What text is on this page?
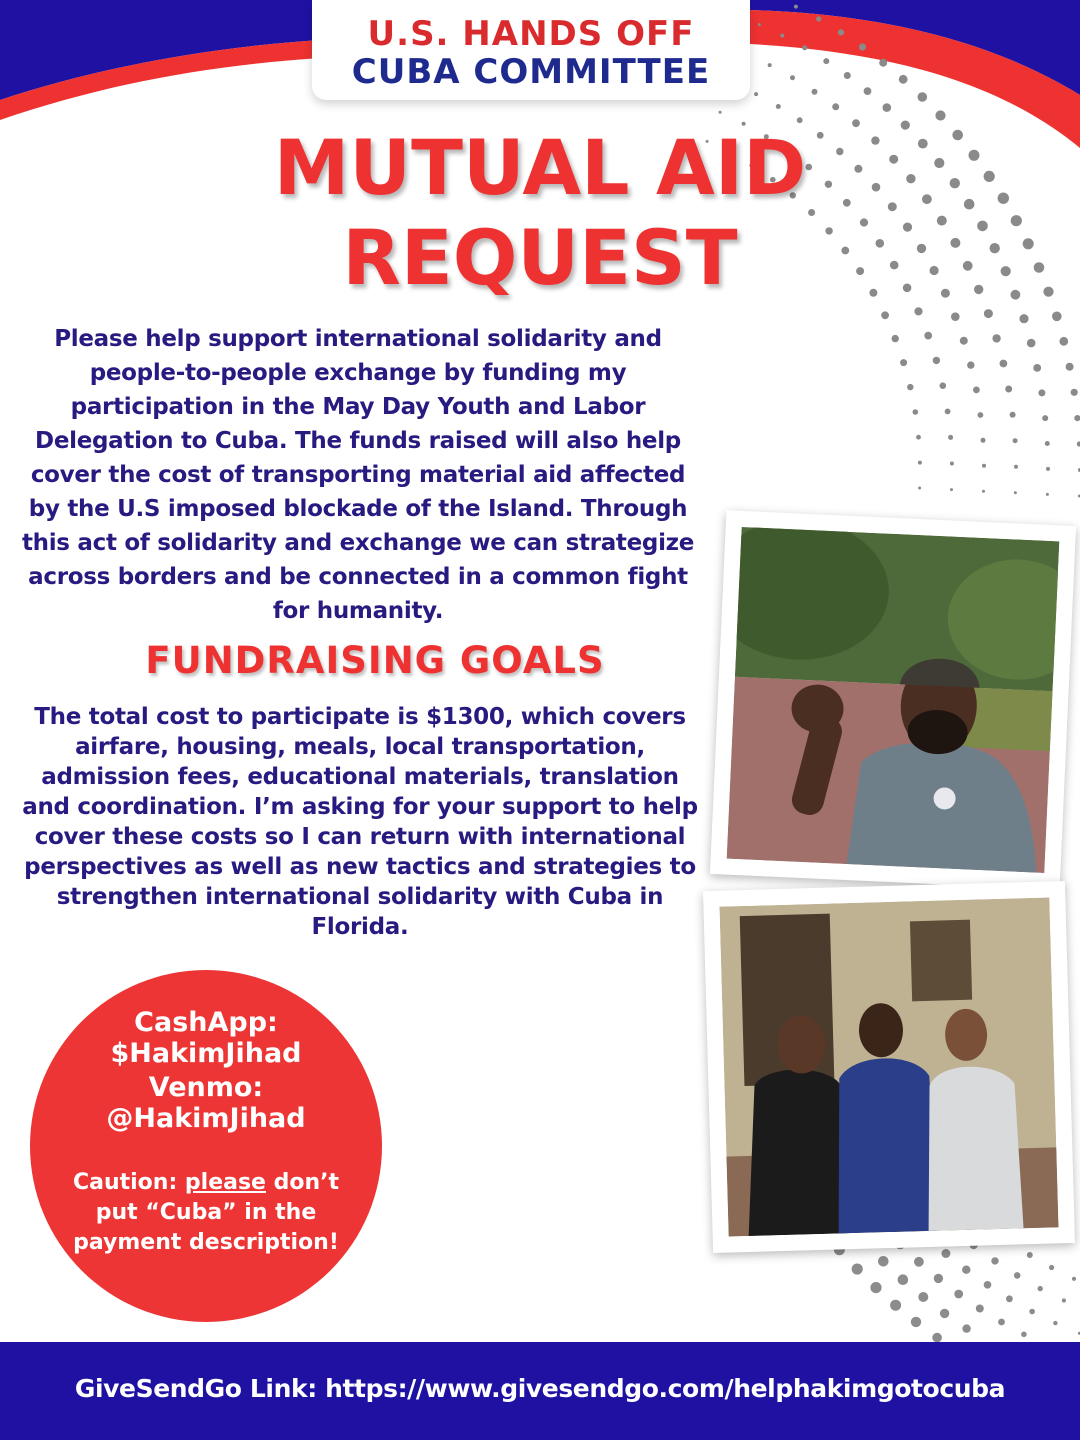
U.S. HANDS OFF
CUBA COMMITTEE
MUTUAL AID
REQUEST

Please help support international solidarity and people-to-people exchange by funding my participation in the May Day Youth and Labor Delegation to Cuba. The funds raised will also help cover the cost of transporting material aid affected by the U.S imposed blockade of the Island. Through this act of solidarity and exchange we can strategize across borders and be connected in a common fight for humanity.

FUNDRAISING GOALS

The total cost to participate is $1300, which covers airfare, housing, meals, local transportation, admission fees, educational materials, translation and coordination. I’m asking for your support to help cover these costs so I can return with international perspectives as well as new tactics and strategies to strengthen international solidarity with Cuba in Florida.

CashApp:
$HakimJihad
Venmo:
@HakimJihad
Caution: please don’t put “Cuba” in the payment description!
GiveSendGo Link: https://www.givesendgo.com/helphakimgotocuba
